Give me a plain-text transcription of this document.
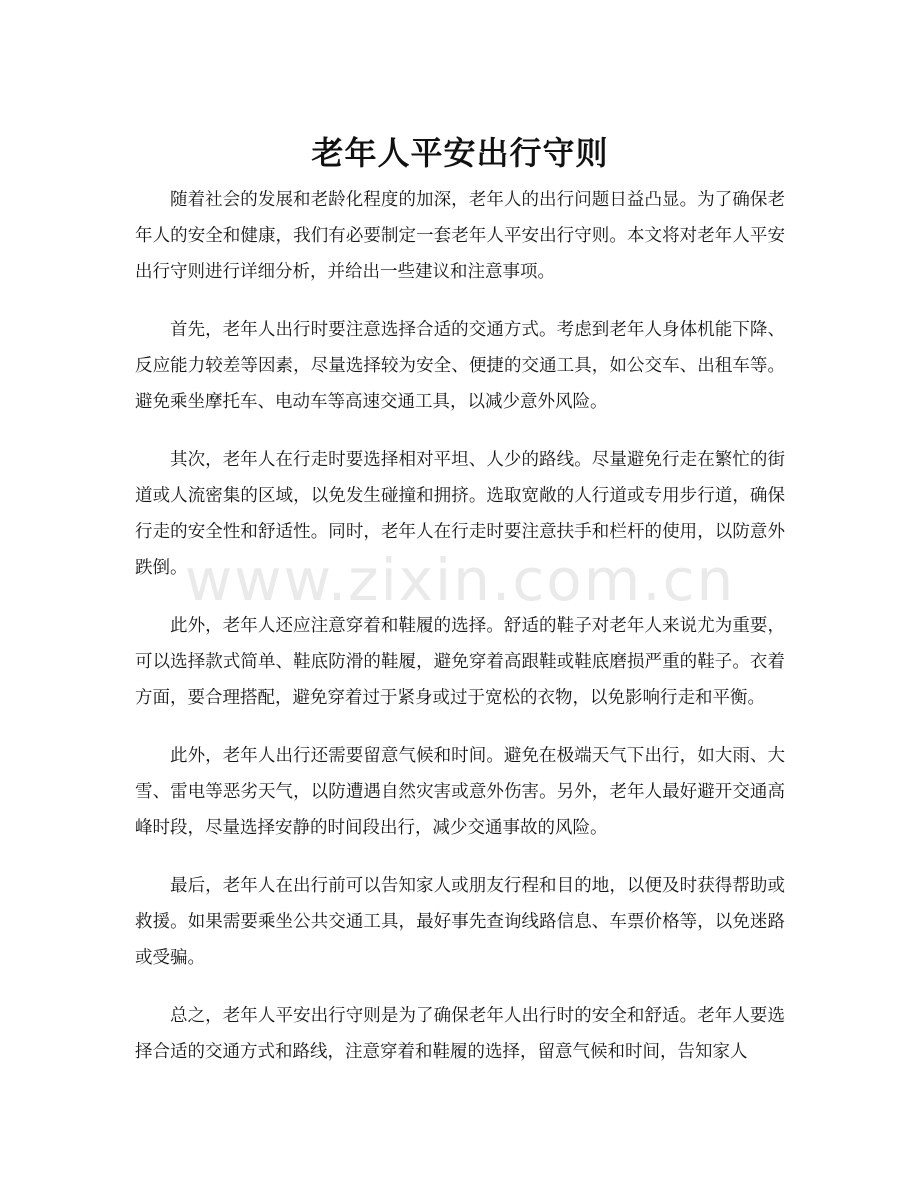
老年人平安出行守则
www.zixin.com.cn

随着社会的发展和老龄化程度的加深，老年人的出行问题日益凸显。为了确保老年人的安全和健康，我们有必要制定一套老年人平安出行守则。本文将对老年人平安出行守则进行详细分析，并给出一些建议和注意事项。

首先，老年人出行时要注意选择合适的交通方式。考虑到老年人身体机能下降、反应能力较差等因素，尽量选择较为安全、便捷的交通工具，如公交车、出租车等。避免乘坐摩托车、电动车等高速交通工具，以减少意外风险。

其次，老年人在行走时要选择相对平坦、人少的路线。尽量避免行走在繁忙的街道或人流密集的区域，以免发生碰撞和拥挤。选取宽敞的人行道或专用步行道，确保行走的安全性和舒适性。同时，老年人在行走时要注意扶手和栏杆的使用，以防意外跌倒。

此外，老年人还应注意穿着和鞋履的选择。舒适的鞋子对老年人来说尤为重要，可以选择款式简单、鞋底防滑的鞋履，避免穿着高跟鞋或鞋底磨损严重的鞋子。衣着方面，要合理搭配，避免穿着过于紧身或过于宽松的衣物，以免影响行走和平衡。

此外，老年人出行还需要留意气候和时间。避免在极端天气下出行，如大雨、大雪、雷电等恶劣天气，以防遭遇自然灾害或意外伤害。另外，老年人最好避开交通高峰时段，尽量选择安静的时间段出行，减少交通事故的风险。

最后，老年人在出行前可以告知家人或朋友行程和目的地，以便及时获得帮助或救援。如果需要乘坐公共交通工具，最好事先查询线路信息、车票价格等，以免迷路或受骗。

总之，老年人平安出行守则是为了确保老年人出行时的安全和舒适。老年人要选择合适的交通方式和路线，注意穿着和鞋履的选择，留意气候和时间，告知家人
